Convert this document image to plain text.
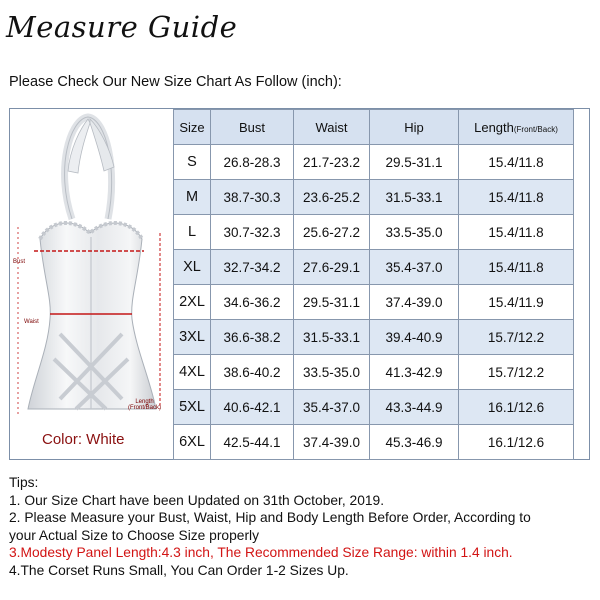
Measure Guide
Please Check Our New Size Chart As Follow (inch):
Bust
Waist
Length
(Front/Back)
Color: White
Size	Bust	Waist	Hip	Length(Front/Back)
S	26.8-28.3	21.7-23.2	29.5-31.1	15.4/11.8
M	38.7-30.3	23.6-25.2	31.5-33.1	15.4/11.8
L	30.7-32.3	25.6-27.2	33.5-35.0	15.4/11.8
XL	32.7-34.2	27.6-29.1	35.4-37.0	15.4/11.8
2XL	34.6-36.2	29.5-31.1	37.4-39.0	15.4/11.9
3XL	36.6-38.2	31.5-33.1	39.4-40.9	15.7/12.2
4XL	38.6-40.2	33.5-35.0	41.3-42.9	15.7/12.2
5XL	40.6-42.1	35.4-37.0	43.3-44.9	16.1/12.6
6XL	42.5-44.1	37.4-39.0	45.3-46.9	16.1/12.6
Tips:
1. Our Size Chart have been Updated on 31th October, 2019.
2. Please Measure your Bust, Waist, Hip and Body Length Before Order, According to
your Actual Size to Choose Size properly
3.Modesty Panel Length:4.3 inch, The Recommended Size Range: within 1.4 inch.
4.The Corset Runs Small, You Can Order 1-2 Sizes Up.
